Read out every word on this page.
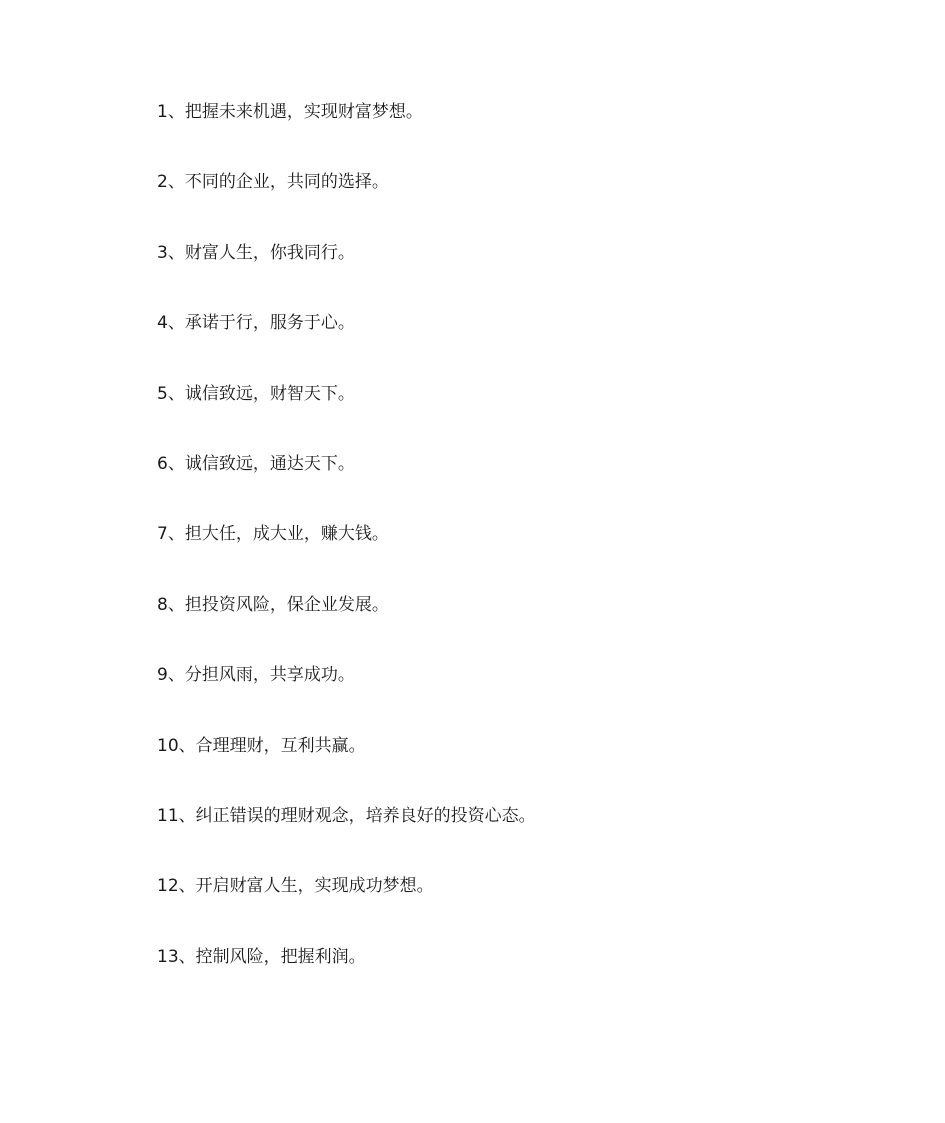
1、把握未来机遇，实现财富梦想。
2、不同的企业，共同的选择。
3、财富人生，你我同行。
4、承诺于行，服务于心。
5、诚信致远，财智天下。
6、诚信致远，通达天下。
7、担大任，成大业，赚大钱。
8、担投资风险，保企业发展。
9、分担风雨，共享成功。
10、合理理财，互利共赢。
11、纠正错误的理财观念，培养良好的投资心态。
12、开启财富人生，实现成功梦想。
13、控制风险，把握利润。
